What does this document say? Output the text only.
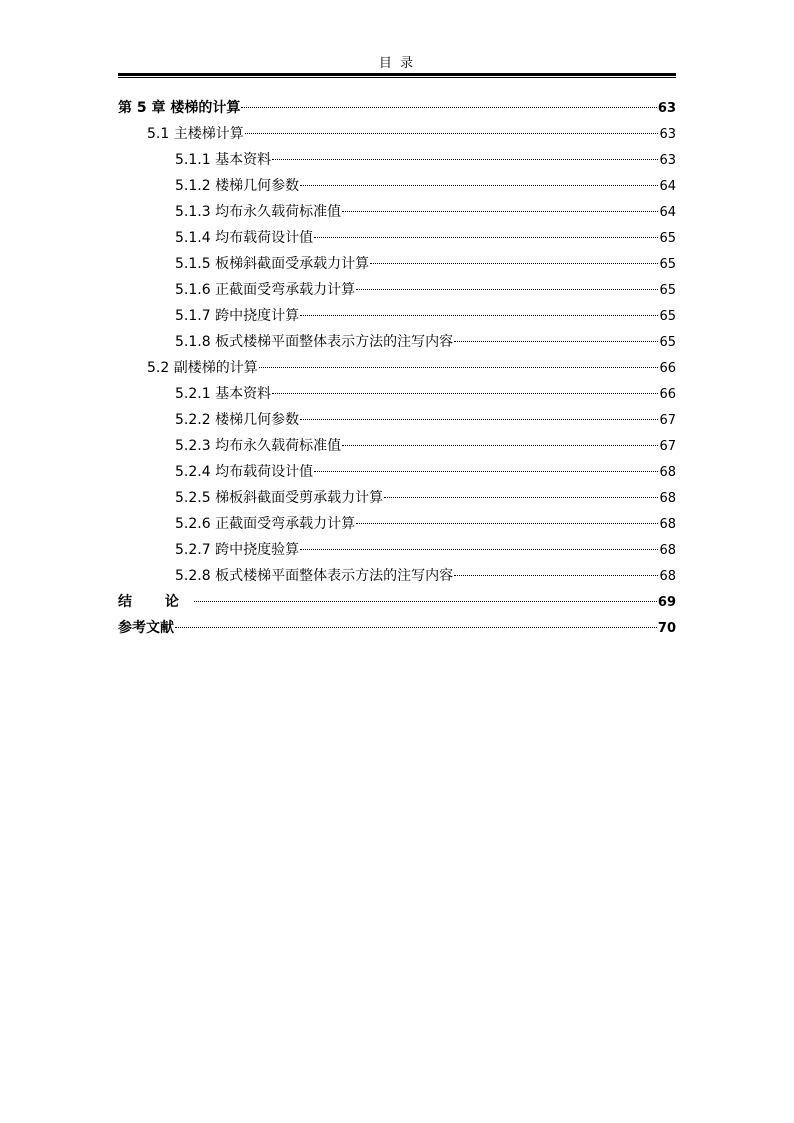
目 录
第 5 章 楼梯的计算	63
5.1 主楼梯计算	63
5.1.1 基本资料	63
5.1.2 楼梯几何参数	64
5.1.3 均布永久载荷标准值	64
5.1.4 均布载荷设计值	65
5.1.5 板梯斜截面受承载力计算	65
5.1.6 正截面受弯承载力计算	65
5.1.7 跨中挠度计算	65
5.1.8 板式楼梯平面整体表示方法的注写内容	65
5.2 副楼梯的计算	66
5.2.1 基本资料	66
5.2.2 楼梯几何参数	67
5.2.3 均布永久载荷标准值	67
5.2.4 均布载荷设计值	68
5.2.5 梯板斜截面受剪承载力计算	68
5.2.6 正截面受弯承载力计算	68
5.2.7 跨中挠度验算	68
5.2.8 板式楼梯平面整体表示方法的注写内容	68
结 论	69
参考文献	70
